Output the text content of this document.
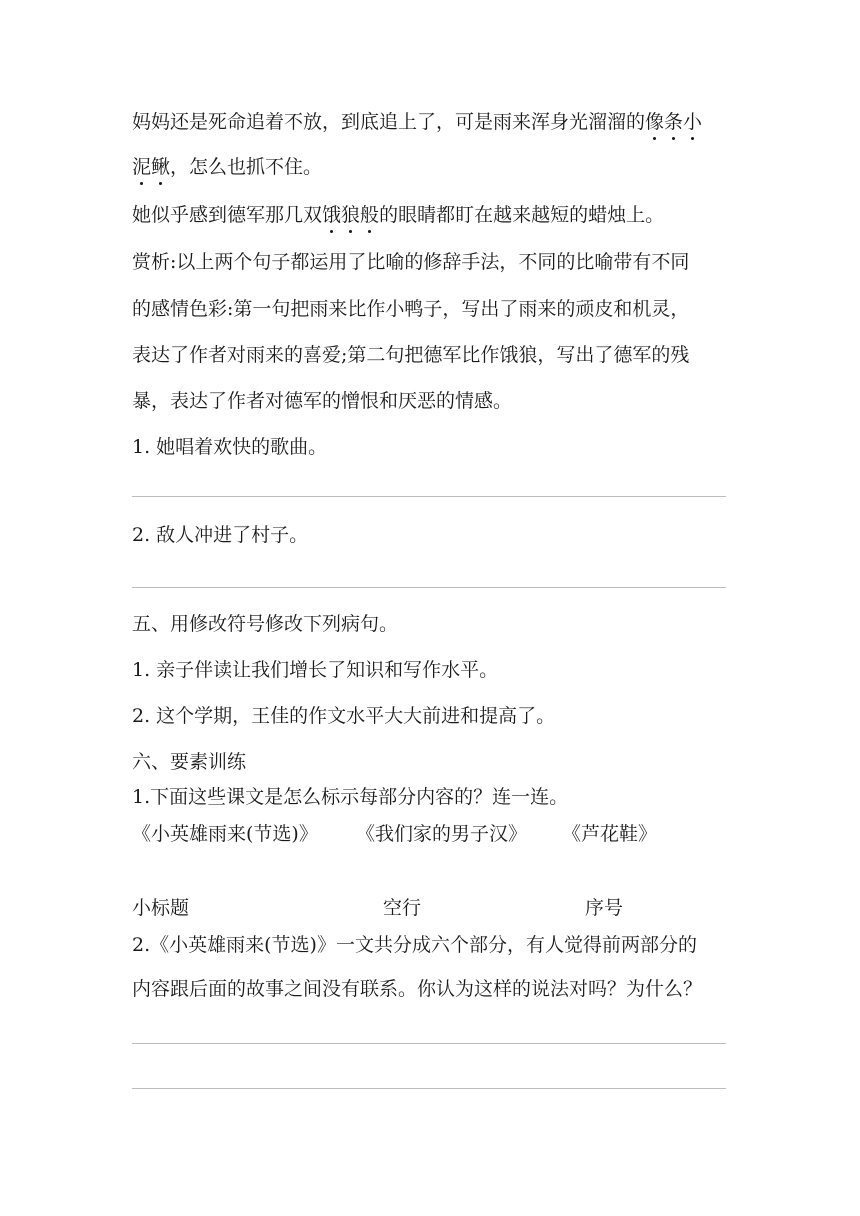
妈妈还是死命追着不放，到底追上了，可是雨来浑身光溜溜的像条小
泥鳅，怎么也抓不住。
她似乎感到德军那几双饿狼般的眼睛都盯在越来越短的蜡烛上。
赏析:以上两个句子都运用了比喻的修辞手法，不同的比喻带有不同
的感情色彩:第一句把雨来比作小鸭子，写出了雨来的顽皮和机灵，
表达了作者对雨来的喜爱;第二句把德军比作饿狼，写出了德军的残
暴，表达了作者对德军的憎恨和厌恶的情感。
1. 她唱着欢快的歌曲。
2. 敌人冲进了村子。
五、用修改符号修改下列病句。
1. 亲子伴读让我们增长了知识和写作水平。
2. 这个学期，王佳的作文水平大大前进和提高了。
六、要素训练
1.下面这些课文是怎么标示每部分内容的？连一连。
《小英雄雨来(节选)》 《我们家的男子汉》 《芦花鞋》
小标题	空行	序号
2.《小英雄雨来(节选)》一文共分成六个部分，有人觉得前两部分的
内容跟后面的故事之间没有联系。你认为这样的说法对吗？为什么？
